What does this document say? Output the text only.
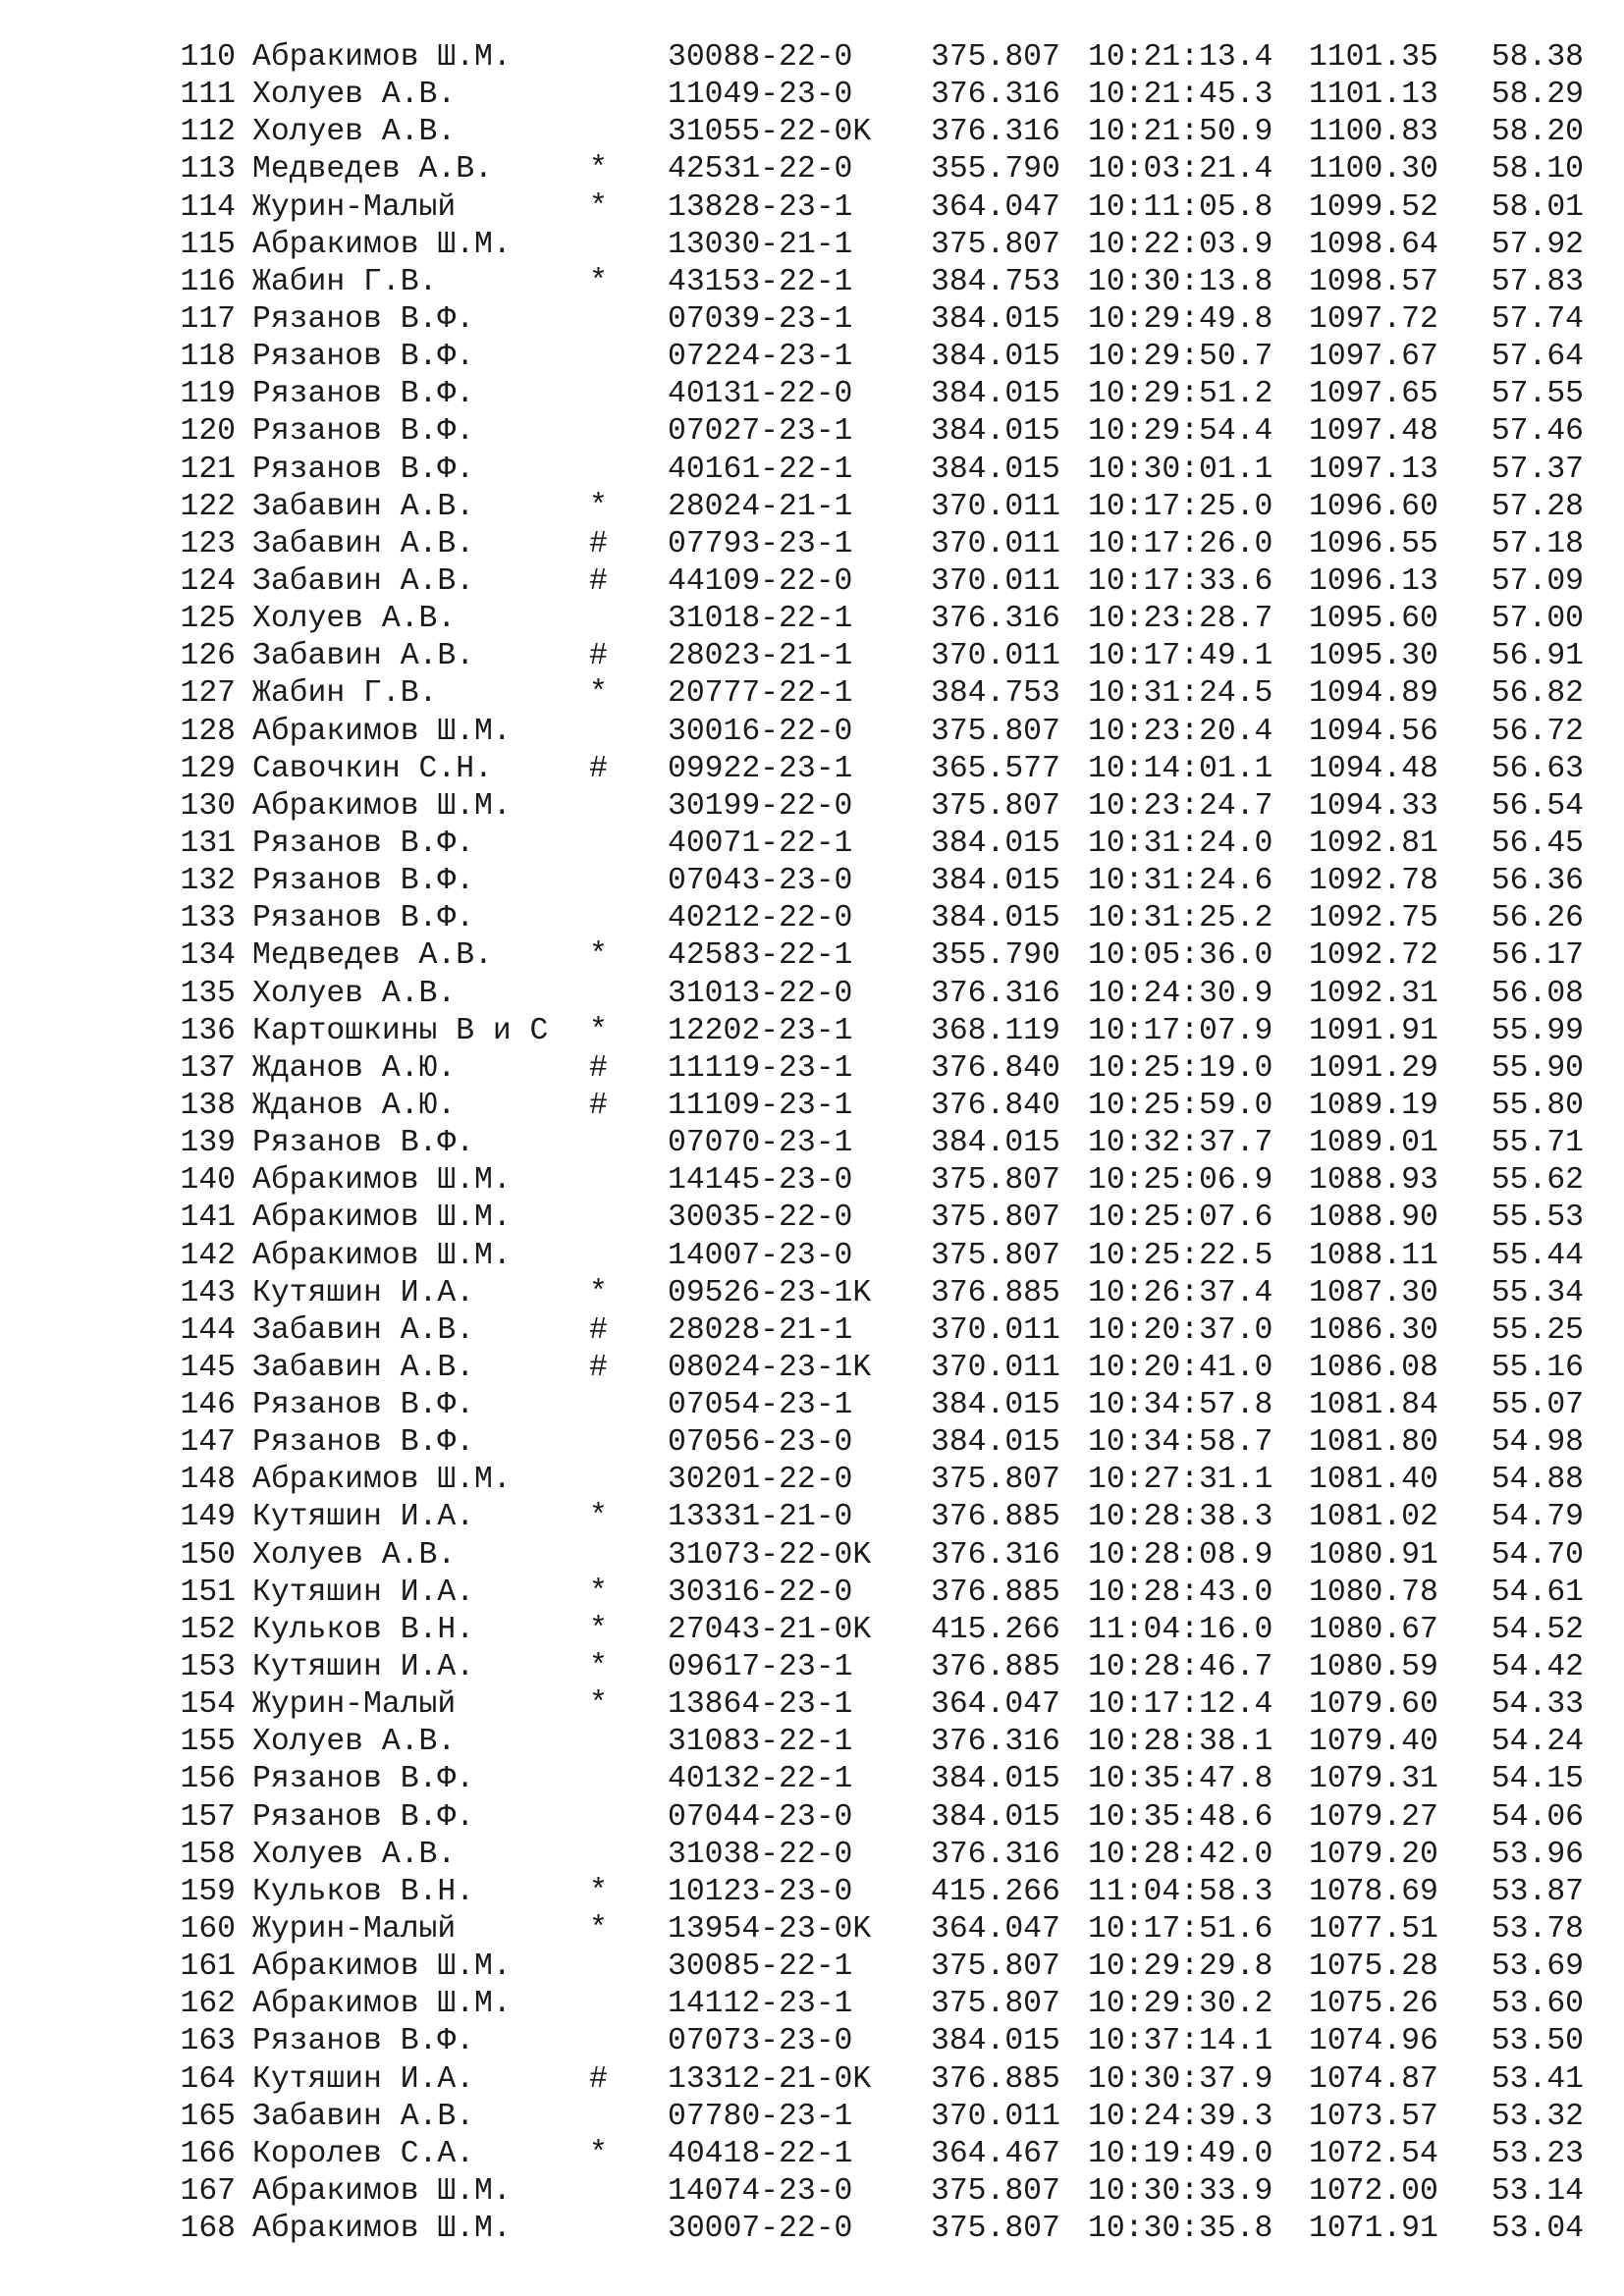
110 Абракимов Ш.М.	30088-22-0	375.807 10:21:13.4 1101.35 58.38
111 Холуев А.В.	11049-23-0	376.316 10:21:45.3 1101.13 58.29
112 Холуев А.В.	31055-22-0K 376.316 10:21:50.9 1100.83 58.20
113 Медведев А.В.	* 42531-22-0	355.790 10:03:21.4 1100.30 58.10
114 Журин-Малый	* 13828-23-1	364.047 10:11:05.8 1099.52 58.01
115 Абракимов Ш.М.	13030-21-1	375.807 10:22:03.9 1098.64 57.92
116 Жабин Г.В.	* 43153-22-1	384.753 10:30:13.8 1098.57 57.83
117 Рязанов В.Ф.	07039-23-1	384.015 10:29:49.8 1097.72 57.74
118 Рязанов В.Ф.	07224-23-1	384.015 10:29:50.7 1097.67 57.64
119 Рязанов В.Ф.	40131-22-0	384.015 10:29:51.2 1097.65 57.55
120 Рязанов В.Ф.	07027-23-1	384.015 10:29:54.4 1097.48 57.46
121 Рязанов В.Ф.	40161-22-1	384.015 10:30:01.1 1097.13 57.37
122 Забавин А.В.	* 28024-21-1	370.011 10:17:25.0 1096.60 57.28
123 Забавин А.В.	# 07793-23-1	370.011 10:17:26.0 1096.55 57.18
124 Забавин А.В.	# 44109-22-0	370.011 10:17:33.6 1096.13 57.09
125 Холуев А.В.	31018-22-1	376.316 10:23:28.7 1095.60 57.00
126 Забавин А.В.	# 28023-21-1	370.011 10:17:49.1 1095.30 56.91
127 Жабин Г.В.	* 20777-22-1	384.753 10:31:24.5 1094.89 56.82
128 Абракимов Ш.М.	30016-22-0	375.807 10:23:20.4 1094.56 56.72
129 Савочкин С.Н.	# 09922-23-1	365.577 10:14:01.1 1094.48 56.63
130 Абракимов Ш.М.	30199-22-0	375.807 10:23:24.7 1094.33 56.54
131 Рязанов В.Ф.	40071-22-1	384.015 10:31:24.0 1092.81 56.45
132 Рязанов В.Ф.	07043-23-0	384.015 10:31:24.6 1092.78 56.36
133 Рязанов В.Ф.	40212-22-0	384.015 10:31:25.2 1092.75 56.26
134 Медведев А.В.	* 42583-22-1	355.790 10:05:36.0 1092.72 56.17
135 Холуев А.В.	31013-22-0	376.316 10:24:30.9 1092.31 56.08
136 Картошкины В и С * 12202-23-1	368.119 10:17:07.9 1091.91 55.99
137 Жданов А.Ю.	# 11119-23-1	376.840 10:25:19.0 1091.29 55.90
138 Жданов А.Ю.	# 11109-23-1	376.840 10:25:59.0 1089.19 55.80
139 Рязанов В.Ф.	07070-23-1	384.015 10:32:37.7 1089.01 55.71
140 Абракимов Ш.М.	14145-23-0	375.807 10:25:06.9 1088.93 55.62
141 Абракимов Ш.М.	30035-22-0	375.807 10:25:07.6 1088.90 55.53
142 Абракимов Ш.М.	14007-23-0	375.807 10:25:22.5 1088.11 55.44
143 Кутяшин И.А.	* 09526-23-1K 376.885 10:26:37.4 1087.30 55.34
144 Забавин А.В.	# 28028-21-1	370.011 10:20:37.0 1086.30 55.25
145 Забавин А.В.	# 08024-23-1K 370.011 10:20:41.0 1086.08 55.16
146 Рязанов В.Ф.	07054-23-1	384.015 10:34:57.8 1081.84 55.07
147 Рязанов В.Ф.	07056-23-0	384.015 10:34:58.7 1081.80 54.98
148 Абракимов Ш.М.	30201-22-0	375.807 10:27:31.1 1081.40 54.88
149 Кутяшин И.А.	* 13331-21-0	376.885 10:28:38.3 1081.02 54.79
150 Холуев А.В.	31073-22-0K 376.316 10:28:08.9 1080.91 54.70
151 Кутяшин И.А.	* 30316-22-0	376.885 10:28:43.0 1080.78 54.61
152 Кульков В.Н.	* 27043-21-0K 415.266 11:04:16.0 1080.67 54.52
153 Кутяшин И.А.	* 09617-23-1	376.885 10:28:46.7 1080.59 54.42
154 Журин-Малый	* 13864-23-1	364.047 10:17:12.4 1079.60 54.33
155 Холуев А.В.	31083-22-1	376.316 10:28:38.1 1079.40 54.24
156 Рязанов В.Ф.	40132-22-1	384.015 10:35:47.8 1079.31 54.15
157 Рязанов В.Ф.	07044-23-0	384.015 10:35:48.6 1079.27 54.06
158 Холуев А.В.	31038-22-0	376.316 10:28:42.0 1079.20 53.96
159 Кульков В.Н.	* 10123-23-0	415.266 11:04:58.3 1078.69 53.87
160 Журин-Малый	* 13954-23-0K 364.047 10:17:51.6 1077.51 53.78
161 Абракимов Ш.М.	30085-22-1	375.807 10:29:29.8 1075.28 53.69
162 Абракимов Ш.М.	14112-23-1	375.807 10:29:30.2 1075.26 53.60
163 Рязанов В.Ф.	07073-23-0	384.015 10:37:14.1 1074.96 53.50
164 Кутяшин И.А.	# 13312-21-0K 376.885 10:30:37.9 1074.87 53.41
165 Забавин А.В.	07780-23-1	370.011 10:24:39.3 1073.57 53.32
166 Королев С.А.	* 40418-22-1	364.467 10:19:49.0 1072.54 53.23
167 Абракимов Ш.М.	14074-23-0	375.807 10:30:33.9 1072.00 53.14
168 Абракимов Ш.М.	30007-22-0	375.807 10:30:35.8 1071.91 53.04
